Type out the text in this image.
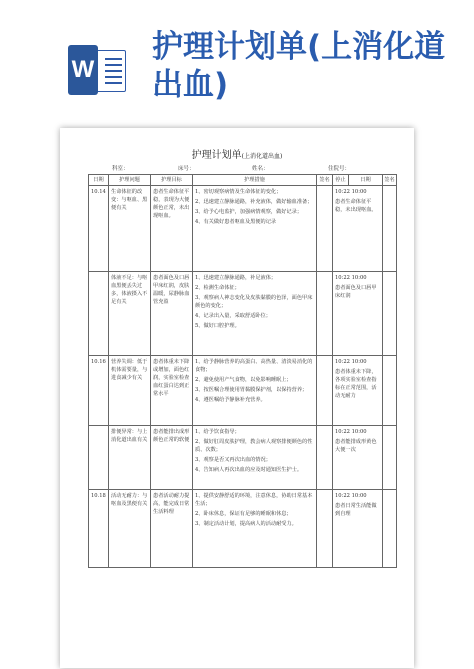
W
护理计划单(上消化道出血)
护理计划单(上消化道出血)
科室：	床号：	姓名：	住院号：
日期	护理问题	护理目标	护理措施	签名	停止	日期	签名
10.14	生命体征的改变：与呕血、黑便有关	患者生命体征平稳，表现为大便颜色正常，未出现呕血。	1、密切观察病情及生命体征的变化；
2、迅速建立静脉通路，补充液体，做好输血准备；
3、给予心电监护，加强病情观察，做好记录；
4、有关做好患者呕血及黑便的记录		10:22 10:00
患者生命体征平稳，未出现呕血。		
	体液不足：与呕血黑便丢失过多，体液摄入不足有关	患者面色及口唇甲床红润，皮肤温暖，尿静脉血管充盈	1、迅速建立静脉通路，补足液体；
2、检测生命体征；
3、观察病人神志变化及皮肤黏膜的色泽，面色甲床颜色的变化；
4、记录出入量，采取舒适卧位；
5、做好口腔护理。		10:22 10:00
患者面色及口唇甲床红润		
10.16	营养失调：低于机体需要量，与进食减少有关	患者体重未下降或增加，面色红润，实验室检查血红蛋白达到正常水平	1、给予静脉营养的高蛋白、高热量、清淡易消化的食物；
2、避免使用产气食物，以免影响睡眠上；
3、按医嘱合理使用胃黏膜保护剂，以保持营养；
4、遵医嘱给予静脉补充营养。		10:22 10:00
患者体重未下降，各项实验室检查指标在正常范围，活动无耐力		
	排便异常：与上消化道出血有关	患者能排出成形颜色正常的软便	1、给予饮食指导；
2、做好肛周皮肤护理，教会病人观察排便颜色的性质、次数；
3、观察是否又再次出血的情况；
4、告知病人再次出血的应及时通知医生护士。		10:22 10:00
患者能排成形黄色大便一次		
10.18	活动无耐力：与呕血及黑便有关	患者活动耐力提高，能完成日常生活料理	1、提供安静舒适的环境，注意休息，协助日常基本生活；
2、卧床休息，保证有足够的睡眠和休息；
3、制定活动计划，提高病人的活动耐受力。		10:22 10:00
患者日常生活能做到自理		
